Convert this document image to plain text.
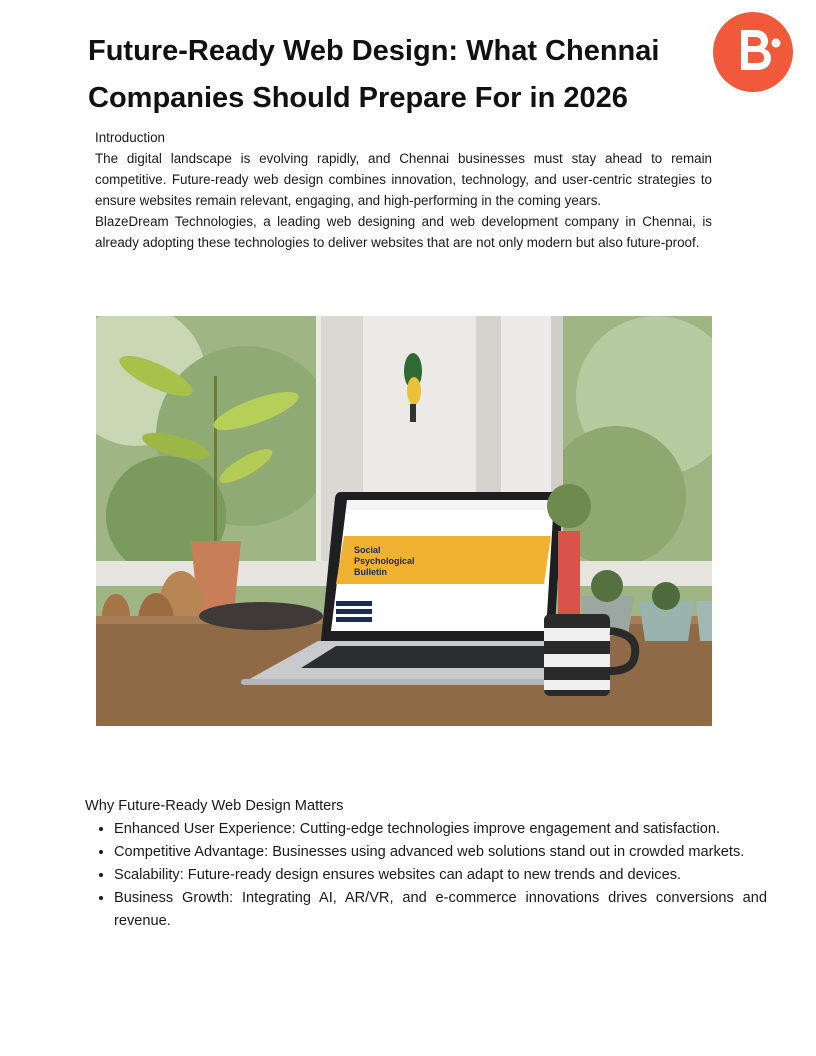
Future-Ready Web Design: What Chennai Companies Should Prepare For in 2026

Introduction

The digital landscape is evolving rapidly, and Chennai businesses must stay ahead to remain competitive. Future-ready web design combines innovation, technology, and user-centric strategies to ensure websites remain relevant, engaging, and high-performing in the coming years.

BlazeDream Technologies, a leading web designing and web development company in Chennai, is already adopting these technologies to deliver websites that are not only modern but also future-proof.

Social
Psychological
Bulletin

Why Future-Ready Web Design Matters

• Enhanced User Experience: Cutting-edge technologies improve engagement and satisfaction.
• Competitive Advantage: Businesses using advanced web solutions stand out in crowded markets.
• Scalability: Future-ready design ensures websites can adapt to new trends and devices.
• Business Growth: Integrating AI, AR/VR, and e-commerce innovations drives conversions and revenue.
